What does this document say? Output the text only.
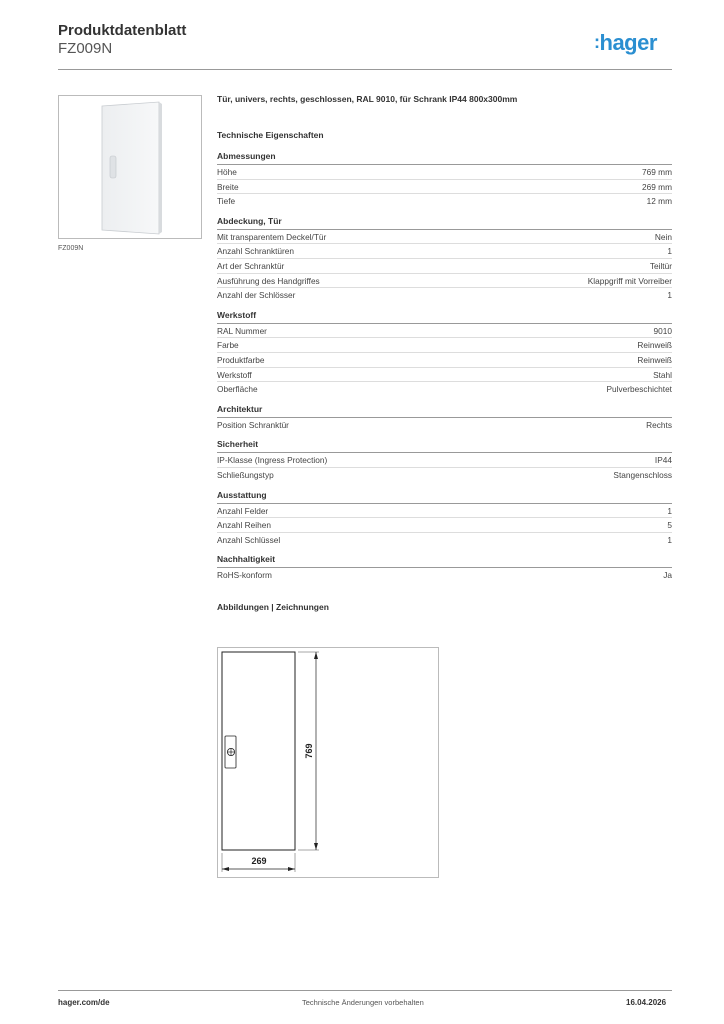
Produktdatenblatt
FZ009N	:hager
FZ009N
Tür, univers, rechts, geschlossen, RAL 9010, für Schrank IP44 800x300mm
Technische Eigenschaften
Abmessungen
Höhe	769 mm
Breite	269 mm
Tiefe	12 mm
Abdeckung, Tür
Mit transparentem Deckel/Tür	Nein
Anzahl Schranktüren	1
Art der Schranktür	Teiltür
Ausführung des Handgriffes	Klappgriff mit Vorreiber
Anzahl der Schlösser	1
Werkstoff
RAL Nummer	9010
Farbe	Reinweiß
Produktfarbe	Reinweiß
Werkstoff	Stahl
Oberfläche	Pulverbeschichtet
Architektur
Position Schranktür	Rechts
Sicherheit
IP-Klasse (Ingress Protection)	IP44
Schließungstyp	Stangenschloss
Ausstattung
Anzahl Felder	1
Anzahl Reihen	5
Anzahl Schlüssel	1
Nachhaltigkeit
RoHS-konform	Ja
Abbildungen | Zeichnungen
769
269
hager.com/de	Technische Änderungen vorbehalten	16.04.2026
